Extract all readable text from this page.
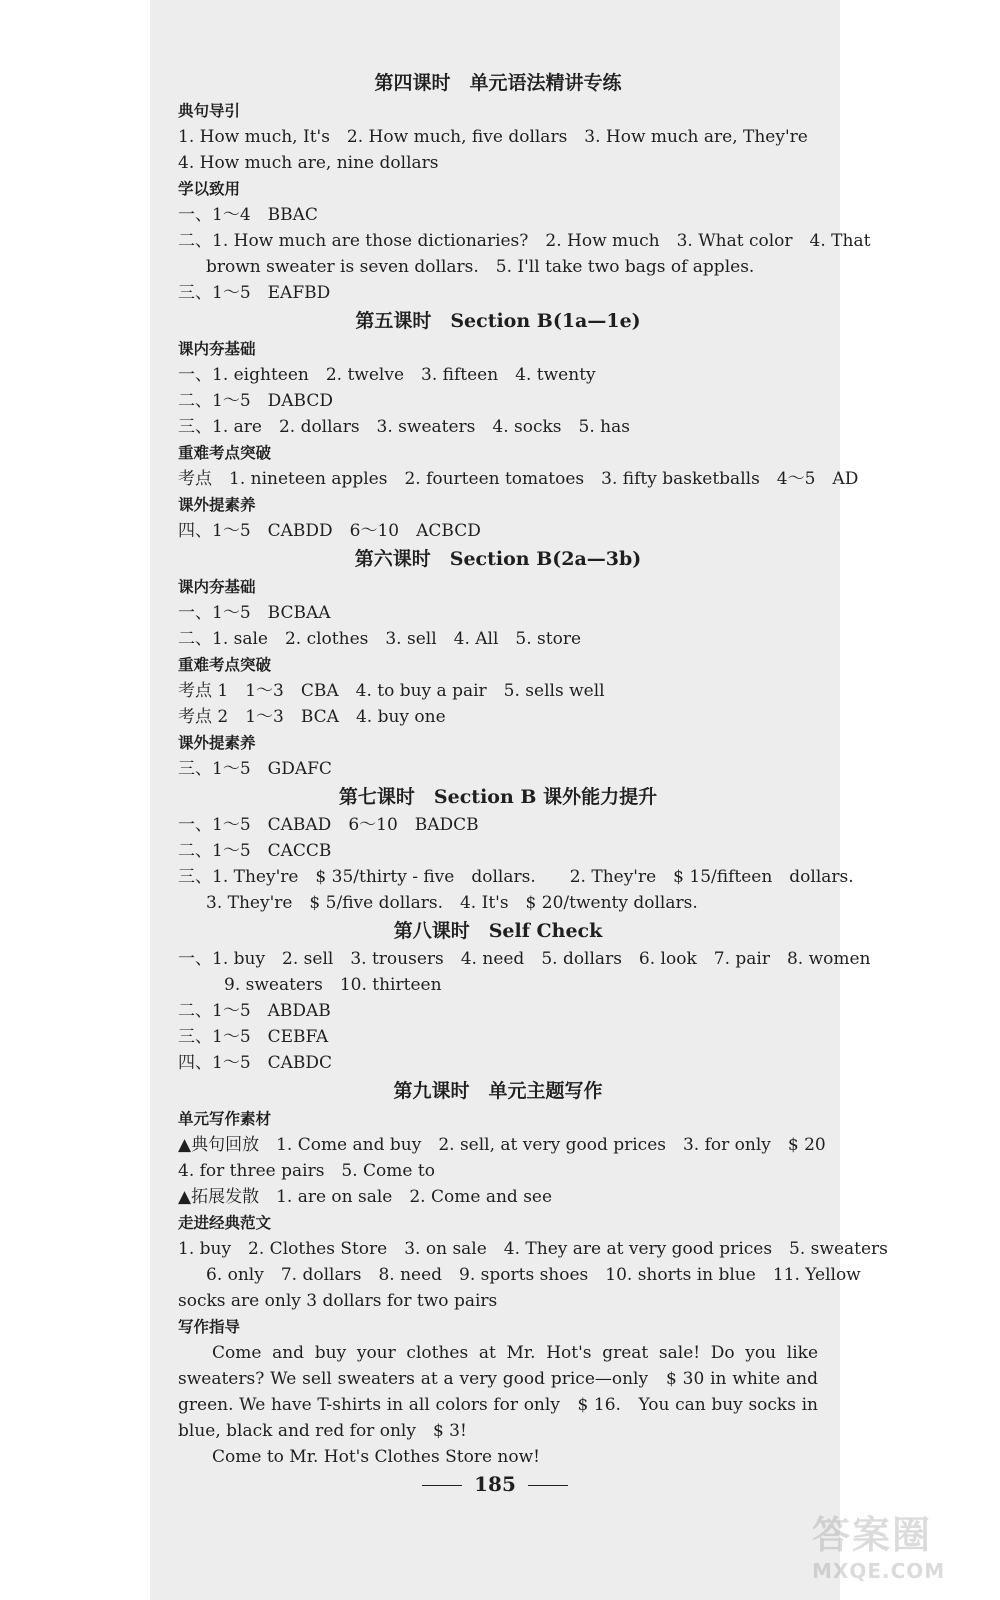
第四课时　单元语法精讲专练
典句导引
1. How much, It's　2. How much, five dollars　3. How much are, They're
4. How much are, nine dollars
学以致用
一、1～4　BBAC
二、1. How much are those dictionaries?　2. How much　3. What color　4. That
brown sweater is seven dollars.　5. I'll take two bags of apples.
三、1～5　EAFBD
第五课时　Section B(1a—1e)
课内夯基础
一、1. eighteen　2. twelve　3. fifteen　4. twenty
二、1～5　DABCD
三、1. are　2. dollars　3. sweaters　4. socks　5. has
重难考点突破
考点　1. nineteen apples　2. fourteen tomatoes　3. fifty basketballs　4～5　AD
课外提素养
四、1～5　CABDD　6～10　ACBCD
第六课时　Section B(2a—3b)
课内夯基础
一、1～5　BCBAA
二、1. sale　2. clothes　3. sell　4. All　5. store
重难考点突破
考点 1　1～3　CBA　4. to buy a pair　5. sells well
考点 2　1～3　BCA　4. buy one
课外提素养
三、1～5　GDAFC
第七课时　Section B 课外能力提升
一、1～5　CABAD　6～10　BADCB
二、1～5　CACCB
三、1. They're　$ 35/thirty - five　dollars.　　2. They're　$ 15/fifteen　dollars.
3. They're　$ 5/five dollars.　4. It's　$ 20/twenty dollars.
第八课时　Self Check
一、1. buy　2. sell　3. trousers　4. need　5. dollars　6. look　7. pair　8. women
9. sweaters　10. thirteen
二、1～5　ABDAB
三、1～5　CEBFA
四、1～5　CABDC
第九课时　单元主题写作
单元写作素材
▲典句回放　1. Come and buy　2. sell, at very good prices　3. for only　$ 20
4. for three pairs　5. Come to
▲拓展发散　1. are on sale　2. Come and see
走进经典范文
1. buy　2. Clothes Store　3. on sale　4. They are at very good prices　5. sweaters
6. only　7. dollars　8. need　9. sports shoes　10. shorts in blue　11. Yellow
socks are only 3 dollars for two pairs
写作指导
Come and buy your clothes at Mr. Hot's great sale! Do you like sweaters? We sell sweaters at a very good price—only　$ 30 in white and green. We have T-shirts in all colors for only　$ 16.　You can buy socks in blue, black and red for only　$ 3!
Come to Mr. Hot's Clothes Store now!
185
答案圈
MXQE.COM
